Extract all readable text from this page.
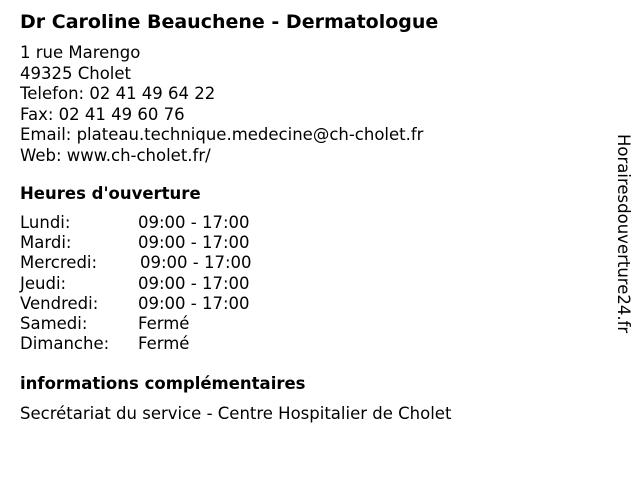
Dr Caroline Beauchene - Dermatologue
1 rue Marengo
49325 Cholet
Telefon: 02 41 49 64 22
Fax: 02 41 49 60 76
Email: plateau.technique.medecine@ch-cholet.fr
Web: www.ch-cholet.fr/
Heures d'ouverture
Lundi:	09:00 - 17:00
Mardi:	09:00 - 17:00
Mercredi:	09:00 - 17:00
Jeudi:	09:00 - 17:00
Vendredi: 09:00 - 17:00
Samedi:	Fermé
Dimanche: Fermé
informations complémentaires
Secrétariat du service - Centre Hospitalier de Cholet
Horairesdouverture24.fr
